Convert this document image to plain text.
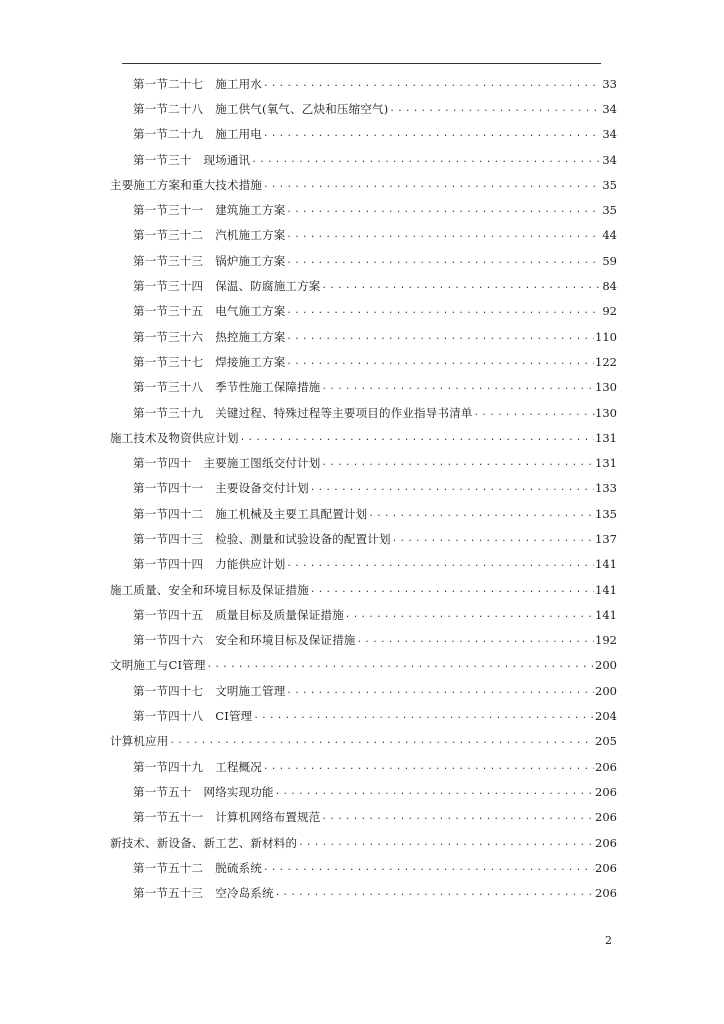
第一节二十七 施工用水 .....	33
第一节二十八 施工供气(氧气、乙炔和压缩空气) .....	34
第一节二十九 施工用电 .....	34
第一节三十 现场通讯 .....	34
主要施工方案和重大技术措施 .....	35
第一节三十一 建筑施工方案 .....	35
第一节三十二 汽机施工方案 .....	44
第一节三十三 锅炉施工方案 .....	59
第一节三十四 保温、防腐施工方案 .....	84
第一节三十五 电气施工方案 .....	92
第一节三十六 热控施工方案 .....	110
第一节三十七 焊接施工方案 .....	122
第一节三十八 季节性施工保障措施 .....	130
第一节三十九 关键过程、特殊过程等主要项目的作业指导书清单 .....	130
施工技术及物资供应计划 .....	131
第一节四十 主要施工图纸交付计划 .....	131
第一节四十一 主要设备交付计划 .....	133
第一节四十二 施工机械及主要工具配置计划 .....	135
第一节四十三 检验、测量和试验设备的配置计划 .....	137
第一节四十四 力能供应计划 .....	141
施工质量、安全和环境目标及保证措施 .....	141
第一节四十五 质量目标及质量保证措施 .....	141
第一节四十六 安全和环境目标及保证措施 .....	192
文明施工与CI管理 .....	200
第一节四十七 文明施工管理 .....	200
第一节四十八 CI管理 .....	204
计算机应用 .....	205
第一节四十九 工程概况 .....	206
第一节五十 网络实现功能 .....	206
第一节五十一 计算机网络布置规范 .....	206
新技术、新设备、新工艺、新材料的 .....	206
第一节五十二 脱硫系统 .....	206
第一节五十三 空冷岛系统 .....	206
2
